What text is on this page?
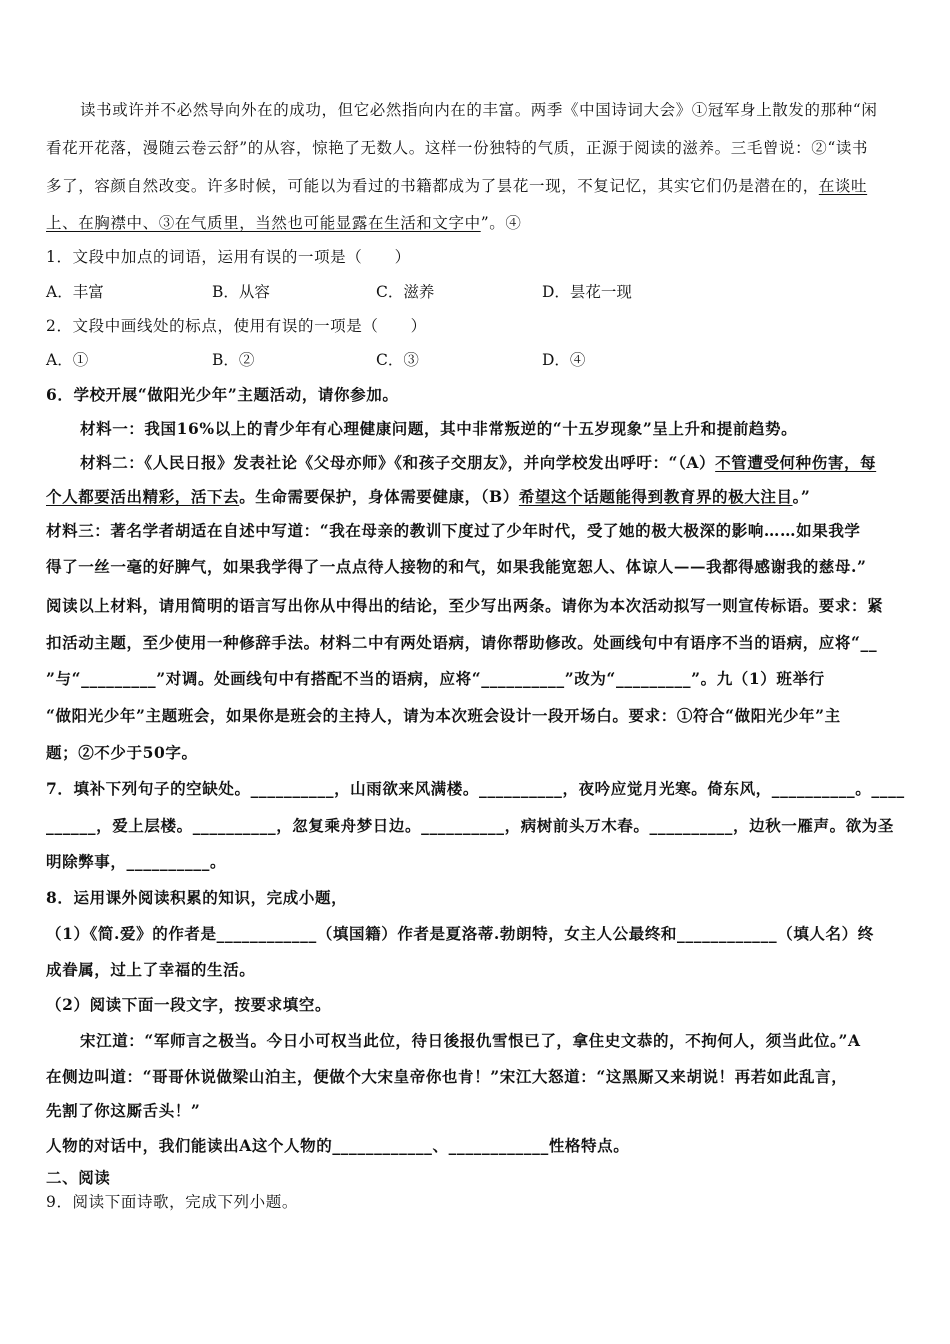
读书或许并不必然导向外在的成功，但它必然指向内在的丰富。两季《中国诗词大会》①冠军身上散发的那种“闲
看花开花落，漫随云卷云舒”的从容，惊艳了无数人。这样一份独特的气质，正源于阅读的滋养。三毛曾说：②“读书
多了，容颜自然改变。许多时候，可能以为看过的书籍都成为了昙花一现，不复记忆，其实它们仍是潜在的，在谈吐
上、在胸襟中、③在气质里，当然也可能显露在生活和文字中”。④
1．文段中加点的词语，运用有误的一项是（　　）
A．丰富	B．从容	C．滋养	D．昙花一现
2．文段中画线处的标点，使用有误的一项是（　　）
A．①	B．②	C．③	D．④
6．学校开展“做阳光少年”主题活动，请你参加。
材料一：我国16%以上的青少年有心理健康问题，其中非常叛逆的“十五岁现象”呈上升和提前趋势。
材料二：《人民日报》发表社论《父母亦师》《和孩子交朋友》，并向学校发出呼吁：“（A）不管遭受何种伤害，每
个人都要活出精彩，活下去。生命需要保护，身体需要健康，（B）希望这个话题能得到教育界的极大注目。”
材料三：著名学者胡适在自述中写道：“我在母亲的教训下度过了少年时代，受了她的极大极深的影响……如果我学
得了一丝一毫的好脾气，如果我学得了一点点待人接物的和气，如果我能宽恕人、体谅人——我都得感谢我的慈母.”
阅读以上材料，请用简明的语言写出你从中得出的结论，至少写出两条。请你为本次活动拟写一则宣传标语。要求：紧
扣活动主题，至少使用一种修辞手法。材料二中有两处语病，请你帮助修改。处画线句中有语序不当的语病，应将“__
”与“_________”对调。处画线句中有搭配不当的语病，应将“__________”改为“_________”。九（1）班举行
“做阳光少年”主题班会，如果你是班会的主持人，请为本次班会设计一段开场白。要求：①符合“做阳光少年”主
题；②不少于50字。
7．填补下列句子的空缺处。__________，山雨欲来风满楼。__________，夜吟应觉月光寒。倚东风，__________。____
______，爱上层楼。__________，忽复乘舟梦日边。__________，病树前头万木春。__________，边秋一雁声。欲为圣
明除弊事，__________。
8．运用课外阅读积累的知识，完成小题，
（1）《简.爱》的作者是____________（填国籍）作者是夏洛蒂.勃朗特，女主人公最终和____________（填人名）终
成眷属，过上了幸福的生活。
（2）阅读下面一段文字，按要求填空。
宋江道：“军师言之极当。今日小可权当此位，待日後报仇雪恨已了，拿住史文恭的，不拘何人，须当此位。”A
在侧边叫道：“哥哥休说做梁山泊主，便做个大宋皇帝你也肯！”宋江大怒道：“这黑厮又来胡说！再若如此乱言，
先割了你这厮舌头！”
人物的对话中，我们能读出A这个人物的____________、____________性格特点。
二、阅读
9．阅读下面诗歌，完成下列小题。
